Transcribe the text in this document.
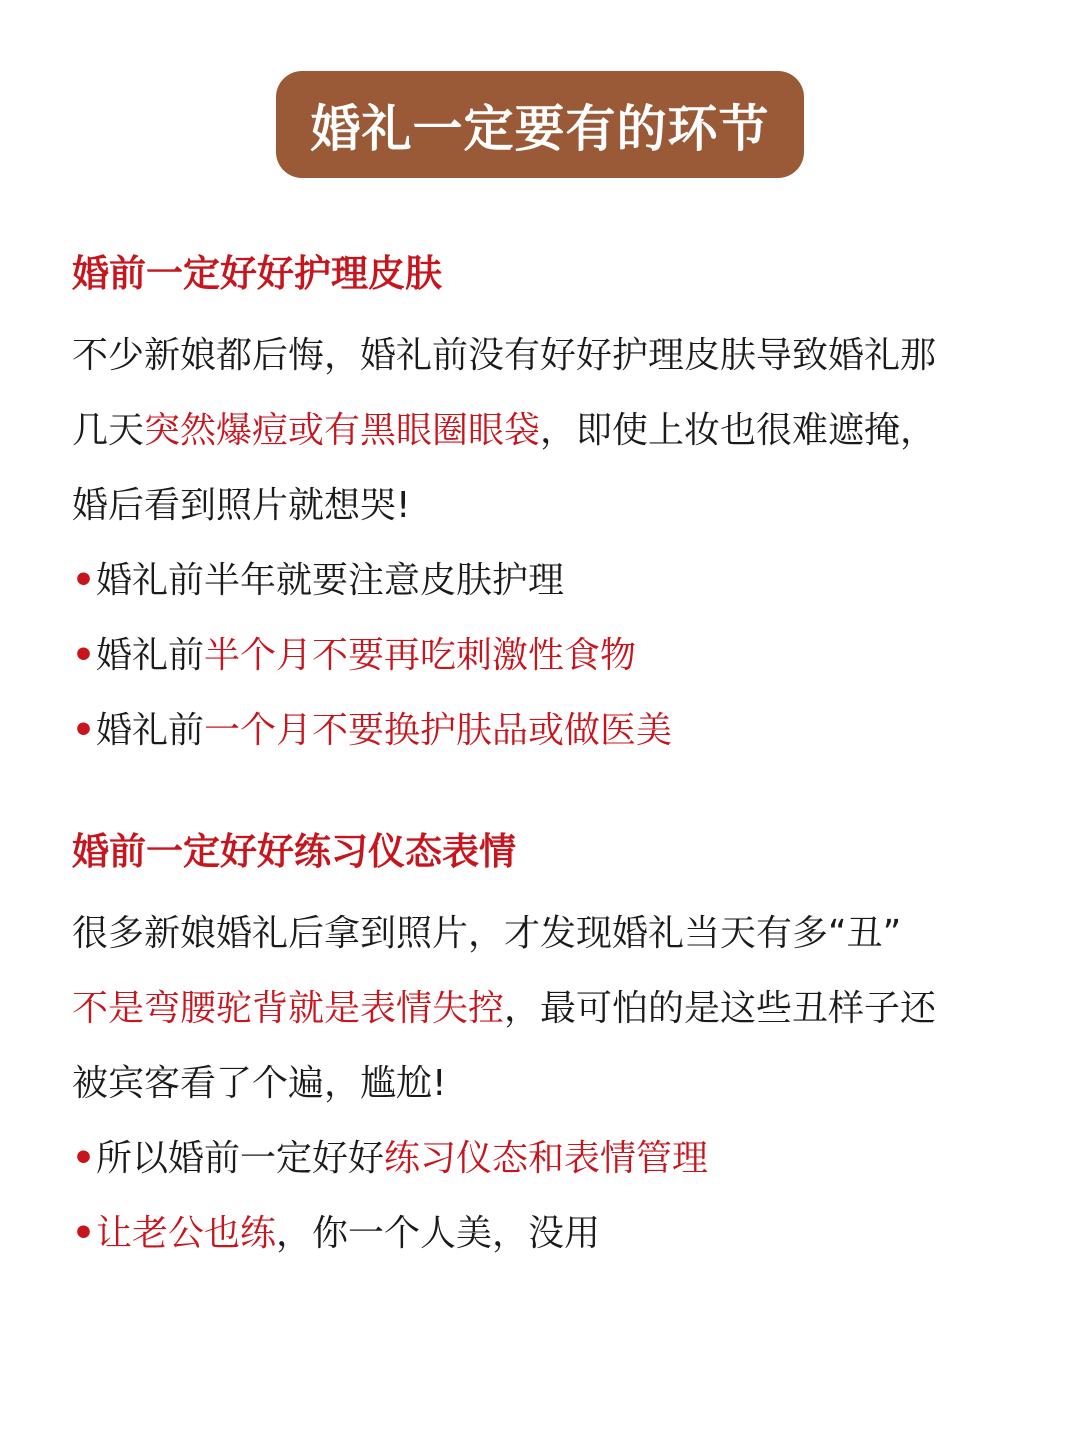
婚礼一定要有的环节
婚前一定好好护理皮肤
不少新娘都后悔，婚礼前没有好好护理皮肤导致婚礼那
几天突然爆痘或有黑眼圈眼袋，即使上妆也很难遮掩，
婚后看到照片就想哭!
•婚礼前半年就要注意皮肤护理
•婚礼前半个月不要再吃刺激性食物
•婚礼前一个月不要换护肤品或做医美
婚前一定好好练习仪态表情
很多新娘婚礼后拿到照片，才发现婚礼当天有多“丑”
不是弯腰驼背就是表情失控，最可怕的是这些丑样子还
被宾客看了个遍，尴尬!
•所以婚前一定好好练习仪态和表情管理
•让老公也练，你一个人美，没用
